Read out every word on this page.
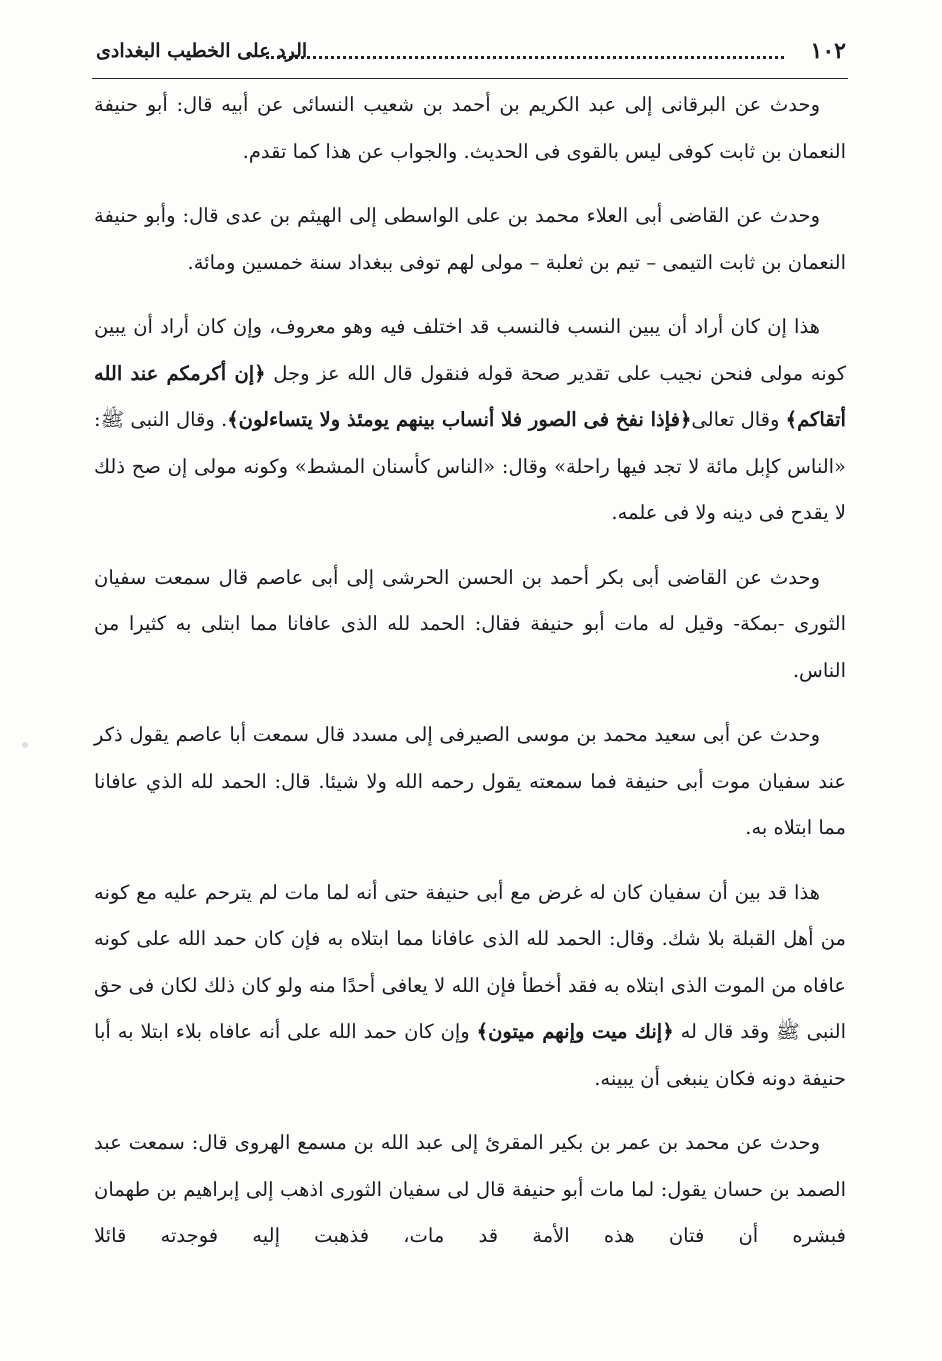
١٠٢
الرد على الخطيب البغدادى

وحدث عن البرقانى إلى عبد الكريم بن أحمد بن شعيب النسائى عن أبيه قال: أبو حنيفة النعمان بن ثابت كوفى ليس بالقوى فى الحديث. والجواب عن هذا كما تقدم.

وحدث عن القاضى أبى العلاء محمد بن على الواسطى إلى الهيثم بن عدى قال: وأبو حنيفة النعمان بن ثابت التيمى – تيم بن ثعلبة – مولى لهم توفى ببغداد سنة خمسين ومائة.

هذا إن كان أراد أن يبين النسب فالنسب قد اختلف فيه وهو معروف، وإن كان أراد أن يبين كونه مولى فنحن نجيب على تقدير صحة قوله فنقول قال الله عز وجل ﴿إن أكرمكم عند الله أتقاكم﴾ وقال تعالى﴿فإذا نفخ فى الصور فلا أنساب بينهم يومئذ ولا يتساءلون﴾. وقال النبى ﷺ: «الناس كإبل مائة لا تجد فيها راحلة» وقال: «الناس كأسنان المشط» وكونه مولى إن صح ذلك لا يقدح فى دينه ولا فى علمه.

وحدث عن القاضى أبى بكر أحمد بن الحسن الحرشى إلى أبى عاصم قال سمعت سفيان الثورى -بمكة- وقيل له مات أبو حنيفة فقال: الحمد لله الذى عافانا مما ابتلى به كثيرا من الناس.

وحدث عن أبى سعيد محمد بن موسى الصيرفى إلى مسدد قال سمعت أبا عاصم يقول ذكر عند سفيان موت أبى حنيفة فما سمعته يقول رحمه الله ولا شيئا. قال: الحمد لله الذي عافانا مما ابتلاه به.

هذا قد بين أن سفيان كان له غرض مع أبى حنيفة حتى أنه لما مات لم يترحم عليه مع كونه من أهل القبلة بلا شك. وقال: الحمد لله الذى عافانا مما ابتلاه به فإن كان حمد الله على كونه عافاه من الموت الذى ابتلاه به فقد أخطأ فإن الله لا يعافى أحدًا منه ولو كان ذلك لكان فى حق النبى ﷺ وقد قال له ﴿إنك ميت وإنهم ميتون﴾ وإن كان حمد الله على أنه عافاه بلاء ابتلا به أبا حنيفة دونه فكان ينبغى أن يبينه.

وحدث عن محمد بن عمر بن بكير المقرئ إلى عبد الله بن مسمع الهروى قال: سمعت عبد الصمد بن حسان يقول: لما مات أبو حنيفة قال لى سفيان الثورى اذهب إلى إبراهيم بن طهمان فبشره أن فتان هذه الأمة قد مات، فذهبت إليه فوجدته قائلا
